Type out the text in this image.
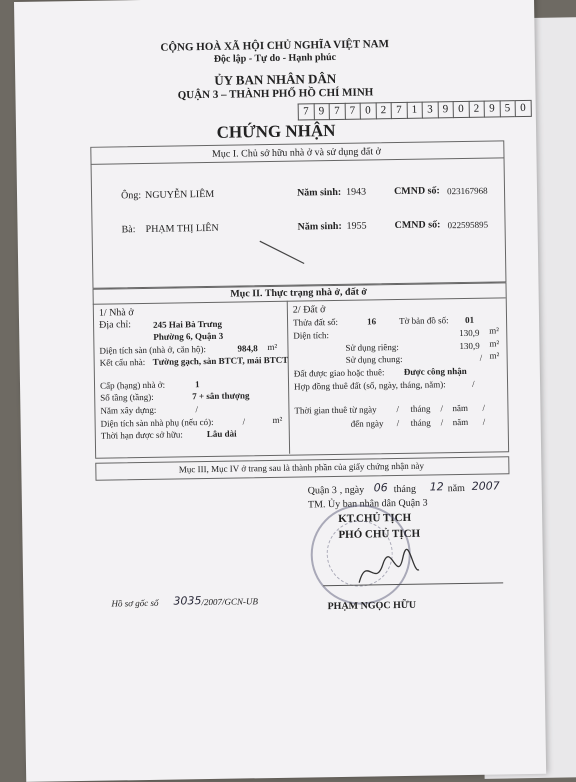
CỘNG HOÀ XÃ HỘI CHỦ NGHĨA VIỆT NAM
Độc lập - Tự do - Hạnh phúc
ỦY BAN NHÂN DÂN
QUẬN 3 – THÀNH PHỐ HỒ CHÍ MINH
7 9 7 7 0 2 7 1 3 9 0 2 9 5 0
CHỨNG NHẬN
Mục I. Chủ sở hữu nhà ở và sử dụng đất ở
Ông: NGUYỄN LIÊM	Năm sinh: 1943	CMND số: 023167968
Bà: PHẠM THỊ LIÊN	Năm sinh: 1955	CMND số: 022595895
Mục II. Thực trạng nhà ở, đất ở
1/ Nhà ở
Địa chỉ: 245 Hai Bà Trưng
Phường 6, Quận 3
Diện tích sàn (nhà ở, căn hộ):	984,8 m²
Kết cấu nhà: Tường gạch, sàn BTCT, mái BTCT
Cấp (hạng) nhà ở:	1
Số tầng (tầng):	7 + sân thượng
Năm xây dựng:	/
Diện tích sàn nhà phụ (nếu có):	/	m²
Thời hạn được sở hữu:	Lâu dài
2/ Đất ở
Thửa đất số:	16	Tờ bản đồ số: 01
Diện tích:	130,9 m²
Sử dụng riêng:	130,9 m²
Sử dụng chung:	/ m²
Đất được giao hoặc thuê: Được công nhận
Hợp đồng thuê đất (số, ngày, tháng, năm):	/
Thời gian thuê từ ngày / tháng / năm /
đến ngày / tháng / năm /
Mục III, Mục IV ở trang sau là thành phần của giấy chứng nhận này
Quận 3 , ngày 06 tháng 12 năm 2007
TM. Ủy ban nhân dân Quận 3
KT.CHỦ TỊCH
PHÓ CHỦ TỊCH
PHẠM NGỌC HỮU
Hồ sơ gốc số 3035 /2007/GCN-UB
